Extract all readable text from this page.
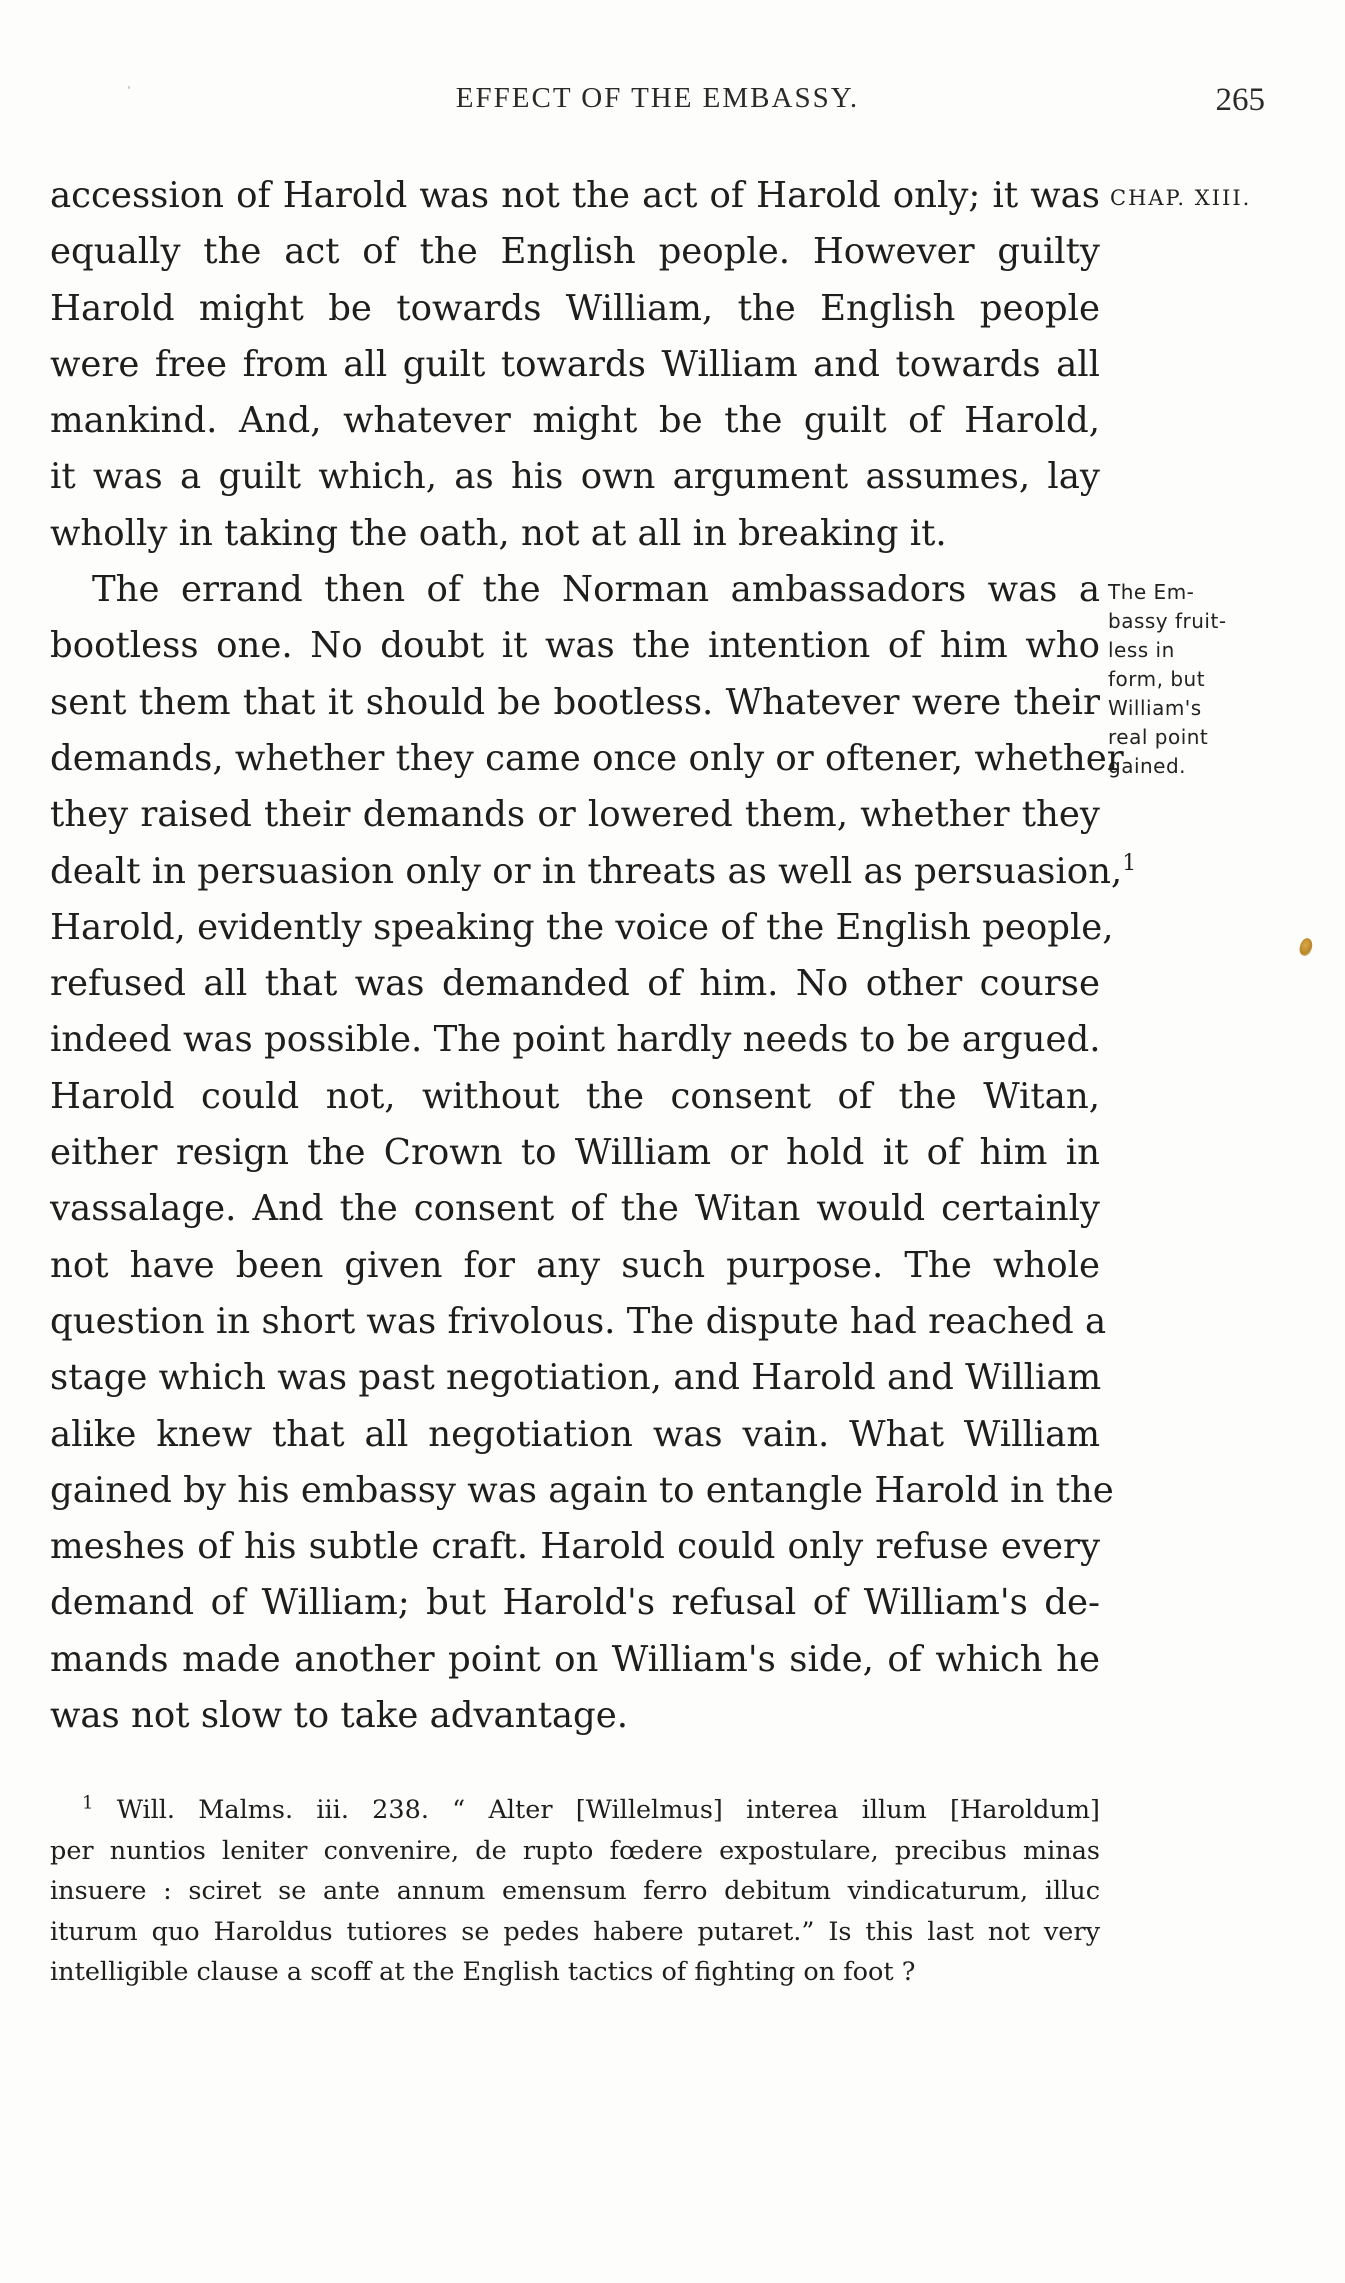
EFFECT OF THE EMBASSY.	265
CHAP. XIII.
The Em-
bassy fruit-
less in
form, but
William's
real point
gained.
accession of Harold was not the act of Harold only; it was
equally the act of the English people. However guilty
Harold might be towards William, the English people
were free from all guilt towards William and towards all
mankind. And, whatever might be the guilt of Harold,
it was a guilt which, as his own argument assumes, lay
wholly in taking the oath, not at all in breaking it.
The errand then of the Norman ambassadors was a
bootless one. No doubt it was the intention of him who
sent them that it should be bootless. Whatever were their
demands, whether they came once only or oftener, whether
they raised their demands or lowered them, whether they
dealt in persuasion only or in threats as well as persuasion,$^1$
Harold, evidently speaking the voice of the English people,
refused all that was demanded of him. No other course
indeed was possible. The point hardly needs to be argued.
Harold could not, without the consent of the Witan,
either resign the Crown to William or hold it of him in
vassalage. And the consent of the Witan would certainly
not have been given for any such purpose. The whole
question in short was frivolous. The dispute had reached a
stage which was past negotiation, and Harold and William
alike knew that all negotiation was vain. What William
gained by his embassy was again to entangle Harold in the
meshes of his subtle craft. Harold could only refuse every
demand of William; but Harold's refusal of William's de-
mands made another point on William's side, of which he
was not slow to take advantage.
$^1$ Will. Malms. iii. 238. “ Alter [Willelmus] interea illum [Haroldum]
per nuntios leniter convenire, de rupto fœdere expostulare, precibus minas
insuere : sciret se ante annum emensum ferro debitum vindicaturum, illuc
iturum quo Haroldus tutiores se pedes habere putaret.” Is this last not very
intelligible clause a scoff at the English tactics of fighting on foot ?
